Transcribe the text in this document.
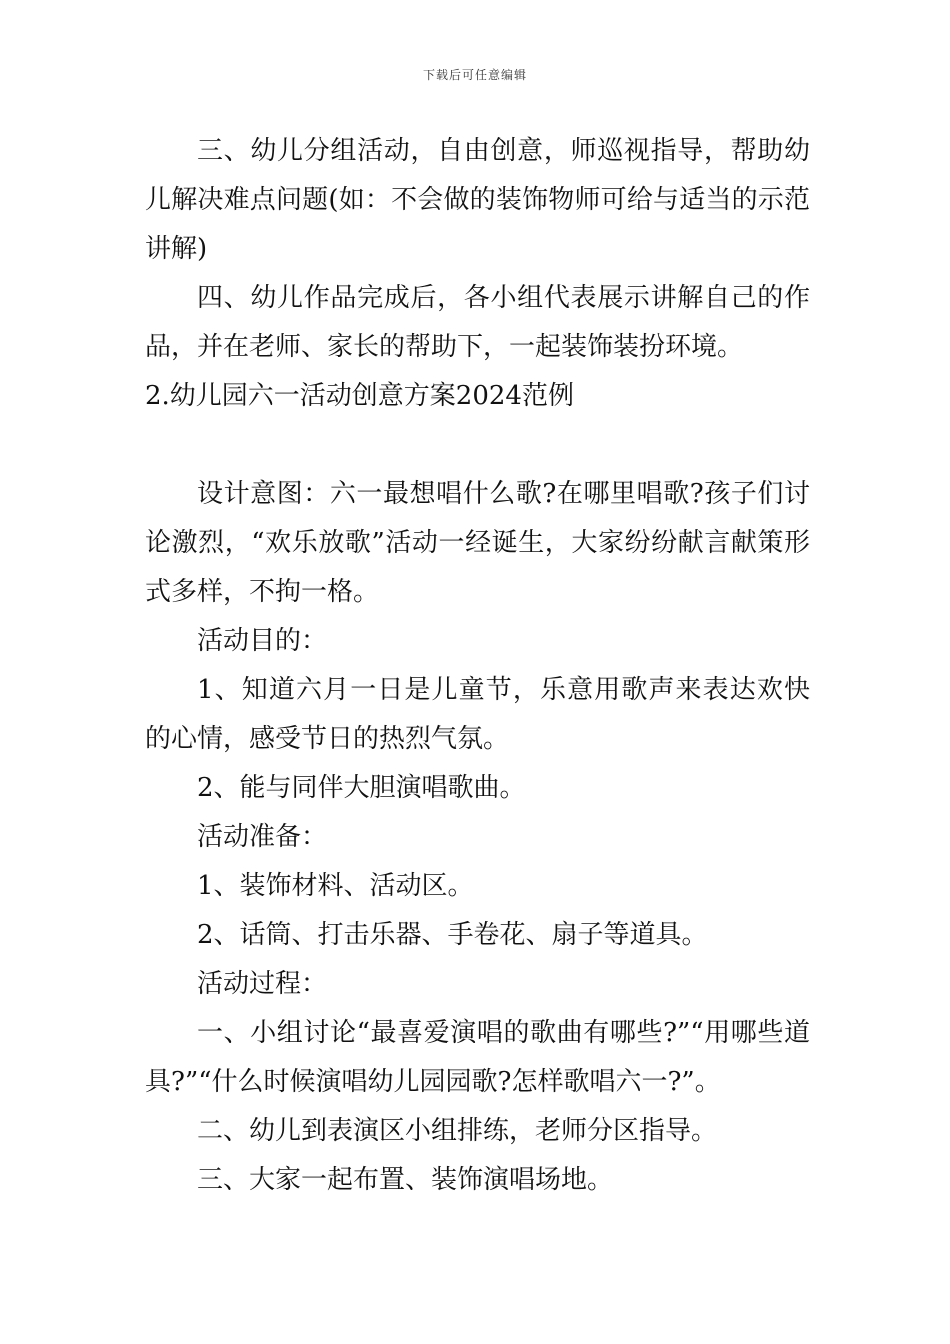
下载后可任意编辑

三、幼儿分组活动，自由创意，师巡视指导，帮助幼儿解决难点问题(如：不会做的装饰物师可给与适当的示范讲解)

四、幼儿作品完成后，各小组代表展示讲解自己的作品，并在老师、家长的帮助下，一起装饰装扮环境。

2.幼儿园六一活动创意方案2024范例

设计意图：六一最想唱什么歌?在哪里唱歌?孩子们讨论激烈，“欢乐放歌”活动一经诞生，大家纷纷献言献策形式多样，不拘一格。

活动目的：

1、知道六月一日是儿童节，乐意用歌声来表达欢快的心情，感受节日的热烈气氛。

2、能与同伴大胆演唱歌曲。

活动准备：

1、装饰材料、活动区。

2、话筒、打击乐器、手卷花、扇子等道具。

活动过程：

一、小组讨论“最喜爱演唱的歌曲有哪些?”“用哪些道具?”“什么时候演唱幼儿园园歌?怎样歌唱六一?”。

二、幼儿到表演区小组排练，老师分区指导。

三、大家一起布置、装饰演唱场地。
